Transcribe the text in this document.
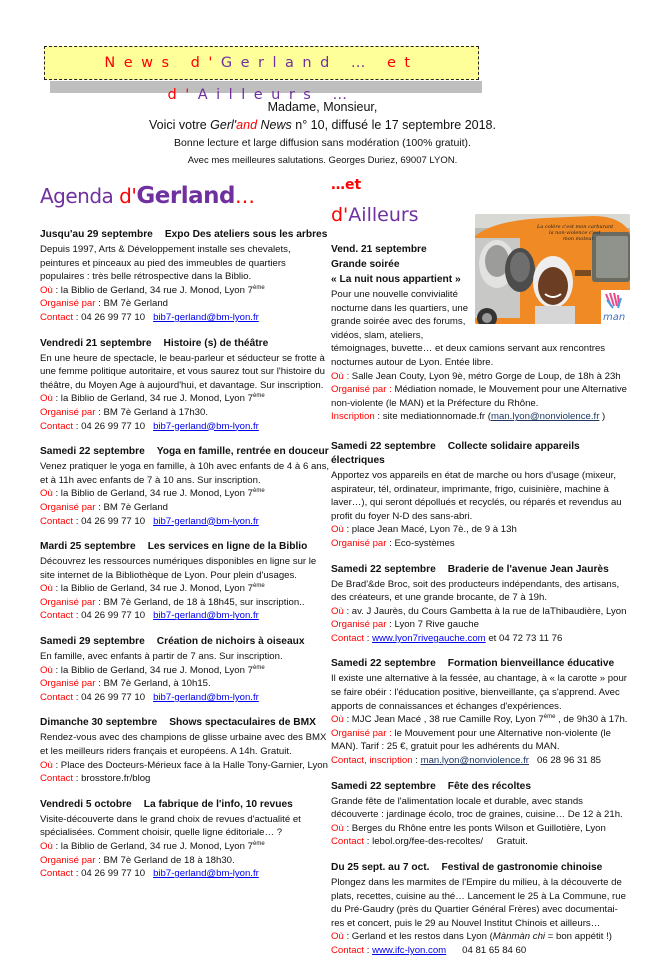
News d'Gerland … et d'Ailleurs …
Madame, Monsieur,
Voici votre Gerl'and News n° 10, diffusé le 17 septembre 2018.
Bonne lecture et large diffusion sans modération (100% gratuit).
Avec mes meilleures salutations. Georges Duriez, 69007 LYON.
Agenda d'Gerland…
Jusqu'au 29 septembre Expo Des ateliers sous les arbres

Depuis 1997, Arts & Développement installe ses chevalets, peintures et pinceaux au pied des immeubles de quartiers populaires : très belle rétrospective dans la Biblio.

Où : la Biblio de Gerland, 34 rue J. Monod, Lyon 7ème

Organisé par : BM 7è Gerland

Contact : 04 26 99 77 10   bib7-gerland@bm-lyon.fr

Vendredi 21 septembre Histoire (s) de théâtre

En une heure de spectacle, le beau-parleur et séducteur se frotte à une femme politique autoritaire, et vous saurez tout sur l'histoire du théâtre, du Moyen Age à aujourd'hui, et davantage. Sur inscription.

Où : la Biblio de Gerland, 34 rue J. Monod, Lyon 7ème

Organisé par : BM 7è Gerland à 17h30.

Contact : 04 26 99 77 10   bib7-gerland@bm-lyon.fr

Samedi 22 septembre Yoga en famille, rentrée en douceur

Venez pratiquer le yoga en famille, à 10h avec enfants de 4 à 6 ans, et à 11h avec enfants de 7 à 10 ans. Sur inscription.

Où : la Biblio de Gerland, 34 rue J. Monod, Lyon 7ème

Organisé par : BM 7è Gerland

Contact : 04 26 99 77 10   bib7-gerland@bm-lyon.fr

Mardi 25 septembre Les services en ligne de la Biblio

Découvrez les ressources numériques disponibles en ligne sur le site internet de la Bibliothèque de Lyon. Pour plein d'usages.

Où : la Biblio de Gerland, 34 rue J. Monod, Lyon 7ème

Organisé par : BM 7è Gerland, de 18 à 18h45, sur inscription..

Contact : 04 26 99 77 10   bib7-gerland@bm-lyon.fr

Samedi 29 septembre Création de nichoirs à oiseaux

En famille, avec enfants à partir de 7 ans. Sur inscription.

Où : la Biblio de Gerland, 34 rue J. Monod, Lyon 7ème

Organisé par : BM 7è Gerland, à 10h15.

Contact : 04 26 99 77 10   bib7-gerland@bm-lyon.fr

Dimanche 30 septembre Shows spectaculaires de BMX

Rendez-vous avec des champions de glisse urbaine avec des BMX et les meilleurs riders français et européens. A 14h. Gratuit.

Où : Place des Docteurs-Mérieux face à la Halle Tony-Garnier, Lyon

Contact : brosstore.fr/blog

Vendredi 5 octobre La fabrique de l'info, 10 revues

Visite-découverte dans le grand choix de revues d'actualité et spécialisées. Comment choisir, quelle ligne éditoriale… ?

Où : la Biblio de Gerland, 34 rue J. Monod, Lyon 7ème

Organisé par : BM 7è Gerland de 18 à 18h30.

Contact : 04 26 99 77 10   bib7-gerland@bm-lyon.fr

…et
d'Ailleurs
Vend. 21 septembre
Grande soirée
« La nuit nous appartient »

Pour une nouvelle convivialité nocturne dans les quartiers, une grande soirée avec des forums, vidéos, slam, ateliers,

témoignages, buvette… et deux camions servant aux rencontres nocturnes autour de Lyon. Entée libre.

Où : Salle Jean Couty, Lyon 9è, métro Gorge de Loup, de 18h à 23h

Organisé par : Médiation nomade, le Mouvement pour une Alternative non-violente (le MAN) et la Préfecture du Rhône.

Inscription : site mediationnomade.fr (man.lyon@nonviolence.fr )

Samedi 22 septembre Collecte solidaire appareils électriques

Apportez vos appareils en état de marche ou hors d'usage (mixeur, aspirateur, tél, ordinateur, imprimante, frigo, cuisinière, machine à laver…), qui seront dépollués et recyclés, ou réparés et revendus au profit du foyer N-D des sans-abri.

Où : place Jean Macé, Lyon 7è., de 9 à 13h

Organisé par : Eco-systèmes

Samedi 22 septembre Braderie de l'avenue Jean Jaurès

De Brad'&de Broc, soit des producteurs indépendants, des artisans, des créateurs, et une grande brocante, de 7 à 19h.

Où : av. J Jaurès, du Cours Gambetta à la rue de laThibaudière, Lyon

Organisé par : Lyon 7 Rive gauche

Contact : www.lyon7rivegauche.com et 04 72 73 11 76

Samedi 22 septembre Formation bienveillance éducative

Il existe une alternative à la fessée, au chantage, à « la carotte » pour se faire obéir : l'éducation positive, bienveillante, ça s'apprend. Avec apports de connaissances et échanges d'expériences.

Où : MJC Jean Macé , 38 rue Camille Roy, Lyon 7ème , de 9h30 à 17h.

Organisé par : le Mouvement pour une Alternative non-violente (le MAN). Tarif : 25 €, gratuit pour les adhérents du MAN.

Contact, inscription : man.lyon@nonviolence.fr   06 28 96 31 85

Samedi 22 septembre Fête des récoltes

Grande fête de l'alimentation locale et durable, avec stands découverte : jardinage écolo, troc de graines, cuisine… De 12 à 21h.

Où : Berges du Rhône entre les ponts Wilson et Guillotière, Lyon

Contact : lebol.org/fee-des-recoltes/     Gratuit.

Du 25 sept. au 7 oct. Festival de gastronomie chinoise

Plongez dans les marmites de l'Empire du milieu, à la découverte de plats, recettes, cuisine au thé… Lancement le 25 à La Commune, rue du Pré-Gaudry (près du Quartier Général Frères) avec documentai-res et concert, puis le 29 au Nouvel Institut Chinois et ailleurs…

Où : Gerland et les restos dans Lyon (Mànmàn chi = bon appétit !)

Contact : www.ifc-lyon.com      04 81 65 84 60

La colère c'est mon carburant
la non-violence c'est
mon moteur.
man
